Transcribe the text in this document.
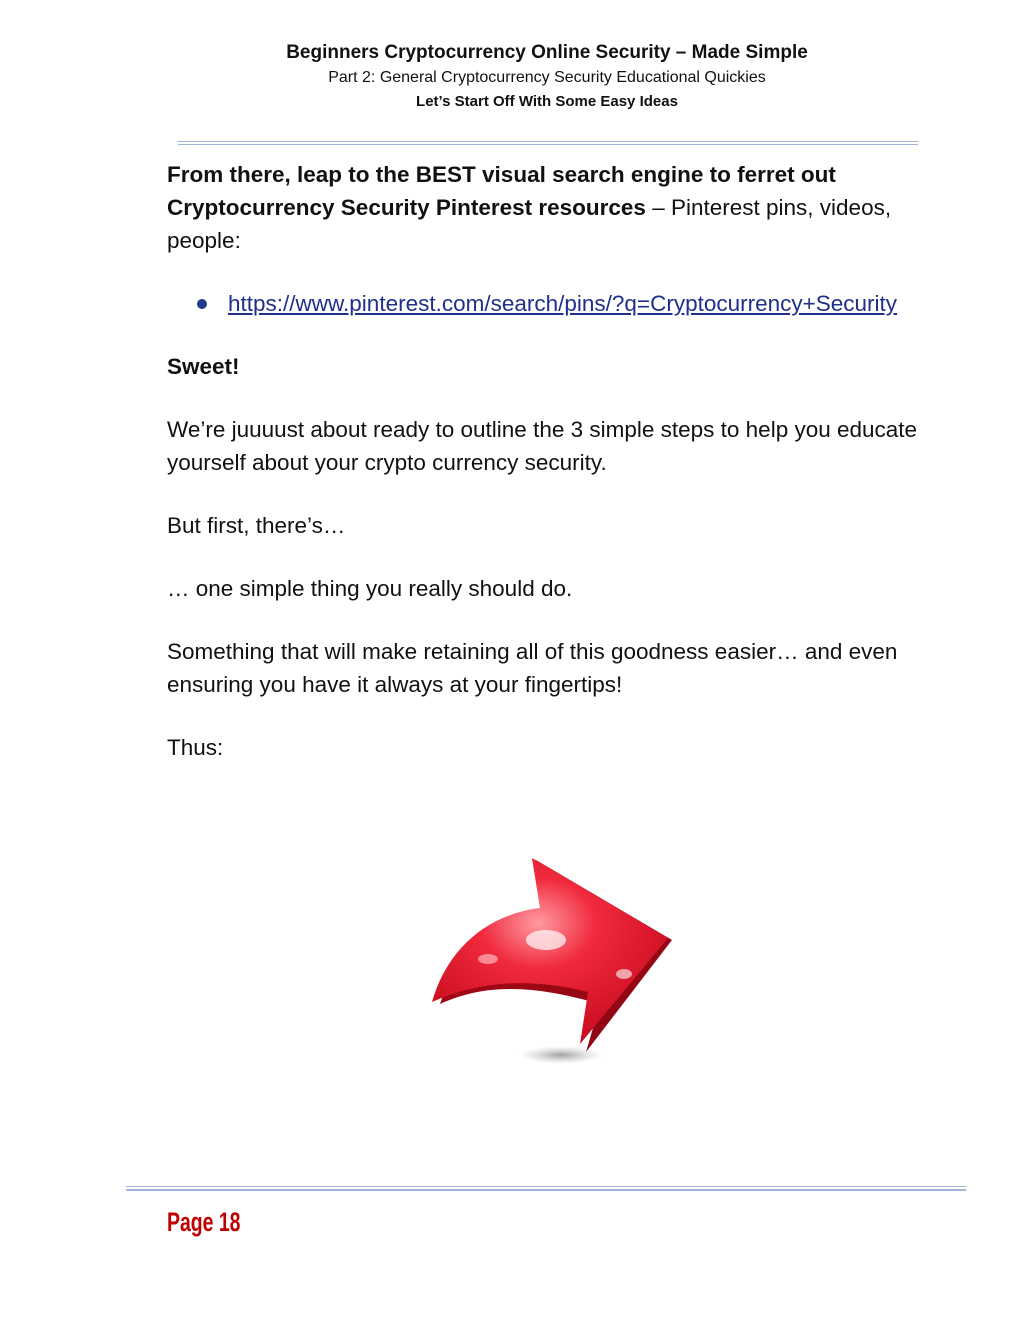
Beginners Cryptocurrency Online Security – Made Simple
Part 2: General Cryptocurrency Security Educational Quickies
Let’s Start Off With Some Easy Ideas

From there, leap to the BEST visual search engine to ferret out Cryptocurrency Security Pinterest resources – Pinterest pins, videos, people:

https://www.pinterest.com/search/pins/?q=Cryptocurrency+Security

Sweet!

We’re juuuust about ready to outline the 3 simple steps to help you educate yourself about your crypto currency security.

But first, there’s…

… one simple thing you really should do.

Something that will make retaining all of this goodness easier… and even ensuring you have it always at your fingertips!

Thus:

Page 18
